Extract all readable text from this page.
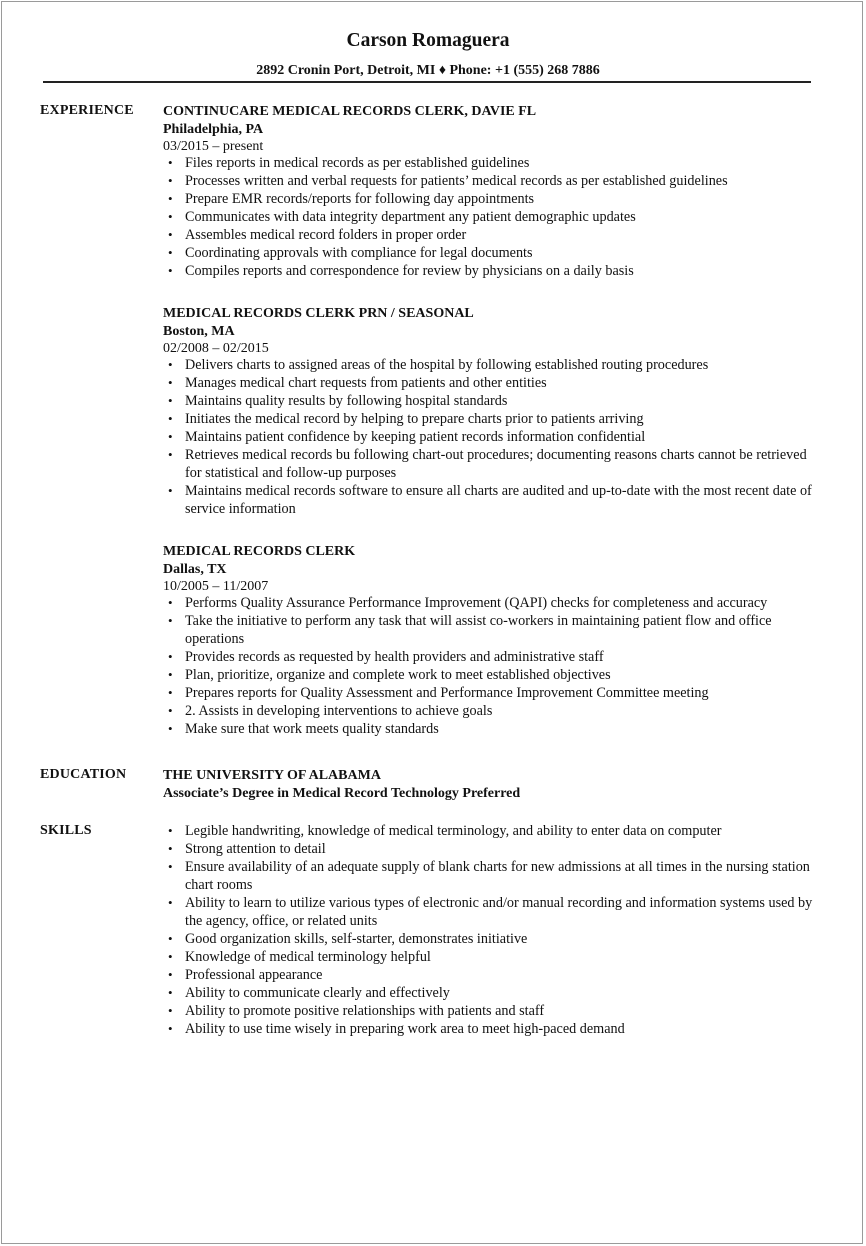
Carson Romaguera
2892 Cronin Port, Detroit, MI ♦ Phone: +1 (555) 268 7886
EXPERIENCE CONTINUCARE MEDICAL RECORDS CLERK, DAVIE FL
Philadelphia, PA
03/2015 – present
• Files reports in medical records as per established guidelines
• Processes written and verbal requests for patients’ medical records as per established guidelines
• Prepare EMR records/reports for following day appointments
• Communicates with data integrity department any patient demographic updates
• Assembles medical record folders in proper order
• Coordinating approvals with compliance for legal documents
• Compiles reports and correspondence for review by physicians on a daily basis
MEDICAL RECORDS CLERK PRN / SEASONAL
Boston, MA
02/2008 – 02/2015
• Delivers charts to assigned areas of the hospital by following established routing procedures
• Manages medical chart requests from patients and other entities
• Maintains quality results by following hospital standards
• Initiates the medical record by helping to prepare charts prior to patients arriving
• Maintains patient confidence by keeping patient records information confidential
• Retrieves medical records bu following chart-out procedures; documenting reasons charts cannot be retrieved for statistical and follow-up purposes
• Maintains medical records software to ensure all charts are audited and up-to-date with the most recent date of service information
MEDICAL RECORDS CLERK
Dallas, TX
10/2005 – 11/2007
• Performs Quality Assurance Performance Improvement (QAPI) checks for completeness and accuracy
• Take the initiative to perform any task that will assist co-workers in maintaining patient flow and office operations
• Provides records as requested by health providers and administrative staff
• Plan, prioritize, organize and complete work to meet established objectives
• Prepares reports for Quality Assessment and Performance Improvement Committee meeting
• 2. Assists in developing interventions to achieve goals
• Make sure that work meets quality standards
EDUCATION	THE UNIVERSITY OF ALABAMA
Associate’s Degree in Medical Record Technology Preferred
SKILLS
•	Legible handwriting, knowledge of medical terminology, and ability to enter data on computer
• Strong attention to detail
• Ensure availability of an adequate supply of blank charts for new admissions at all times in the nursing station chart rooms
• Ability to learn to utilize various types of electronic and/or manual recording and information systems used by the agency, office, or related units
• Good organization skills, self-starter, demonstrates initiative
• Knowledge of medical terminology helpful
• Professional appearance
• Ability to communicate clearly and effectively
• Ability to promote positive relationships with patients and staff
• Ability to use time wisely in preparing work area to meet high-paced demand
